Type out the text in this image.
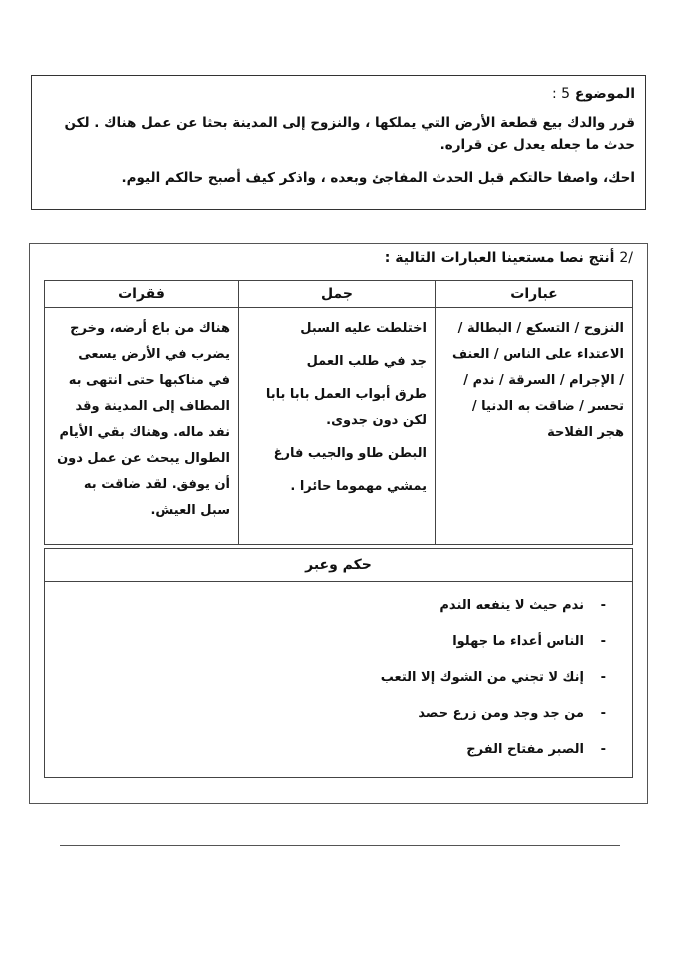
الموضوع 5 :
قرر والدك بيع قطعة الأرض التي يملكها ، والنزوح إلى المدينة بحثا عن عمل هناك . لكن حدث ما جعله يعدل عن قراره.
احك، واصفا حالتكم قبل الحدث المفاجئ وبعده ، واذكر كيف أصبح حالكم اليوم.
/2 أنتج نصا مستعينا العبارات التالية :
عبارات	جمل	فقرات
النزوح / التسكع / البطالة / الاعتداء على الناس / العنف / الإجرام / السرقة / ندم / تحسر / ضاقت به الدنيا / هجر الفلاحة	اختلطت عليه السبل
جد في طلب العمل
طرق أبواب العمل بابا بابا لكن دون جدوى.
البطن طاو والجيب فارغ
يمشي مهموما حائرا .	هناك من باع أرضه، وخرج يضرب في الأرض يسعى في مناكبها حتى انتهى به المطاف إلى المدينة وقد نفد ماله. وهناك بقي الأيام الطوال يبحث عن عمل دون أن يوفق. لقد ضاقت به سبل العيش.
حكم وعبر

-ندم حيث لا ينفعه الندم
-الناس أعداء ما جهلوا
-إنك لا تجني من الشوك إلا التعب
-من جد وجد ومن زرع حصد
-الصبر مفتاح الفرج
